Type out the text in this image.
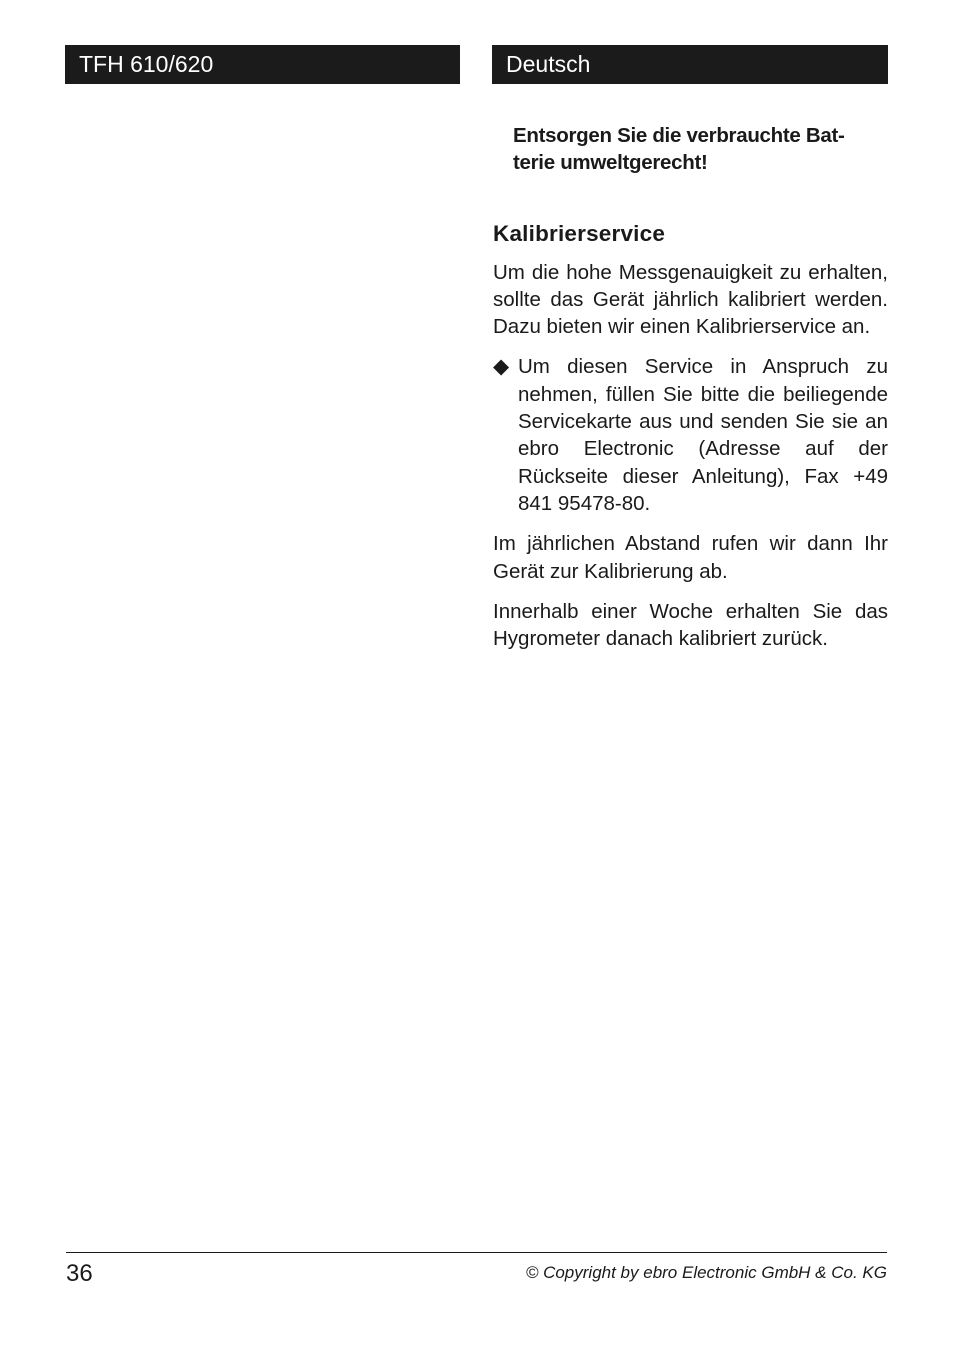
TFH 610/620	Deutsch
Entsorgen Sie die verbrauchte Bat-
terie umweltgerecht!
Kalibrierservice

Um die hohe Messgenauigkeit zu erhalten, sollte das Gerät jährlich kalibriert werden. Dazu bieten wir einen Kalibrierservice an.

◆ Um diesen Service in Anspruch zu nehmen, füllen Sie bitte die beiliegende Servicekarte aus und senden Sie sie an ebro Electronic (Adresse auf der Rückseite dieser Anleitung), Fax +49 841 95478-80.

Im jährlichen Abstand rufen wir dann Ihr Gerät zur Kalibrierung ab.

Innerhalb einer Woche erhalten Sie das Hygrometer danach kalibriert zurück.

36	© Copyright by ebro Electronic GmbH & Co. KG
